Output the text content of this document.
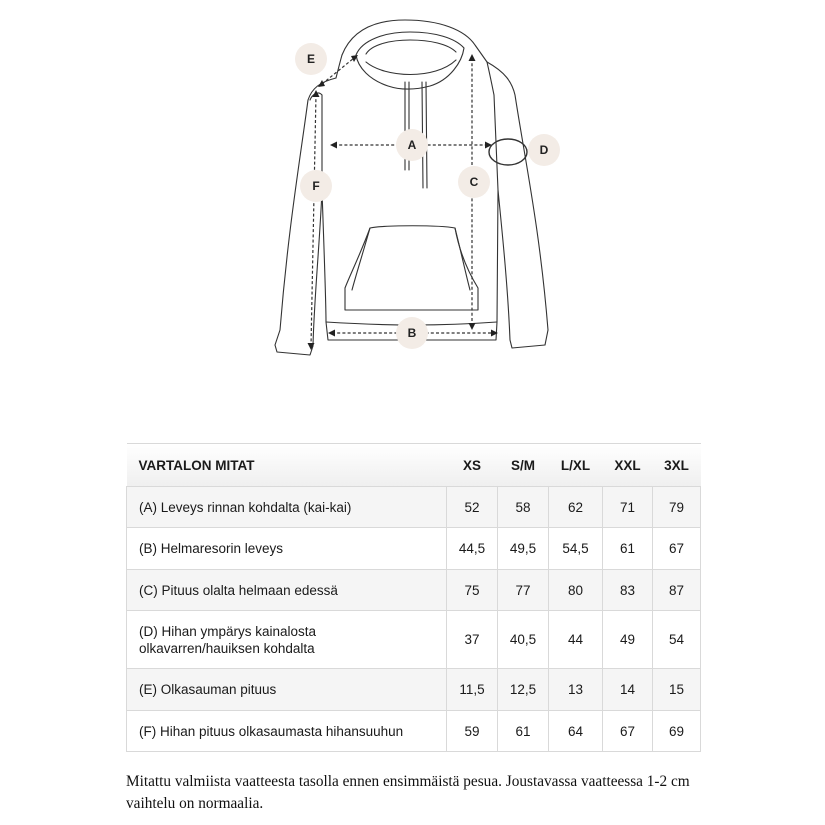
A
B
C
D
E
F
VARTALON MITAT	XS	S/M	L/XL	XXL	3XL
(A) Leveys rinnan kohdalta (kai-kai)	52	58	62	71	79
(B) Helmaresorin leveys	44,5	49,5	54,5	61	67
(C) Pituus olalta helmaan edessä	75	77	80	83	87
(D) Hihan ympärys kainalosta
olkavarren/hauiksen kohdalta	37	40,5	44	49	54
(E) Olkasauman pituus	11,5	12,5	13	14	15
(F) Hihan pituus olkasaumasta hihansuuhun	59	61	64	67	69

Mitattu valmiista vaatteesta tasolla ennen ensimmäistä pesua. Joustavassa vaatteessa 1-2 cm vaihtelu on normaalia.
